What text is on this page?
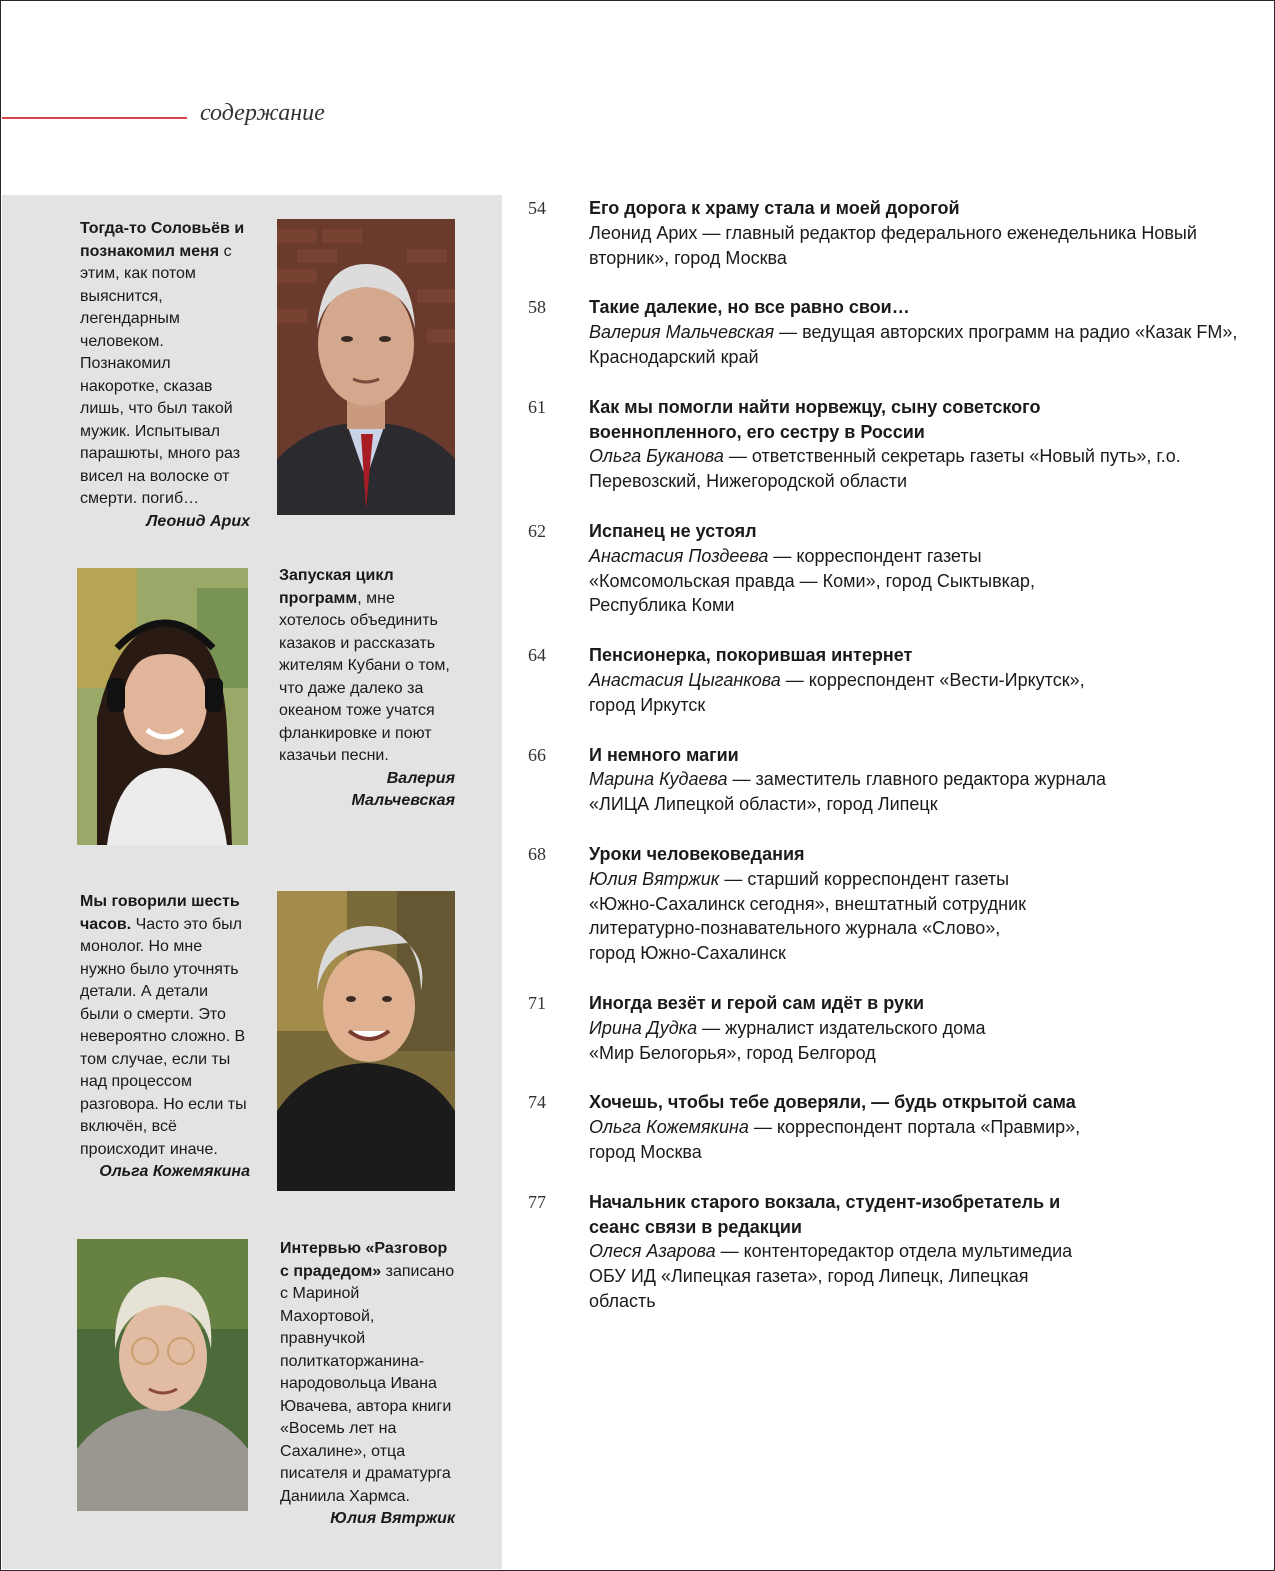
содержание
Тогда-то Соловьёв и познакомил меня с этим, как потом выяснится, легендарным человеком. Познакомил накоротке, сказав лишь, что был такой мужик. Испытывал парашюты, много раз висел на волоске от смерти. погиб…
Леонид Арих
Запуская цикл программ, мне хотелось объединить казаков и рассказать жителям Кубани о том, что даже далеко за океаном тоже учатся фланкировке и поют казачьи песни.
Валерия Мальчевская
Мы говорили шесть часов. Часто это был монолог. Но мне нужно было уточнять детали. А детали были о смерти. Это невероятно сложно. В том случае, если ты над процессом разговора. Но если ты включён, всё происходит иначе.
Ольга Кожемякина
Интервью «Разговор с прадедом» записано с Мариной Махортовой, правнучкой политкаторжанина-народовольца Ивана Ювачева, автора книги «Восемь лет на Сахалине», отца писателя и драматурга Даниила Хармса.
Юлия Вятржик
54 Его дорога к храму стала и моей дорогой
Леонид Арих — главный редактор федерального еженедельника Новый вторник», город Москва
58 Такие далекие, но все равно свои…
Валерия Мальчевская — ведущая авторских программ на радио «Казак FM», Краснодарский край
61 Как мы помогли найти норвежцу, сыну советского военнопленного, его сестру в России
Ольга Буканова — ответственный секретарь газеты «Новый путь», г.о. Перевозский, Нижегородской области
62 Испанец не устоял
Анастасия Поздеева — корреспондент газеты «Комсомольская правда — Коми», город Сыктывкар, Республика Коми
64 Пенсионерка, покорившая интернет
Анастасия Цыганкова — корреспондент «Вести-Иркутск», город Иркутск
66 И немного магии
Марина Кудаева — заместитель главного редактора журнала «ЛИЦА Липецкой области», город Липецк
68 Уроки человековедания
Юлия Вятржик — старший корреспондент газеты «Южно-Сахалинск сегодня», внештатный сотрудник литературно-познавательного журнала «Слово», город Южно-Сахалинск
71 Иногда везёт и герой сам идёт в руки
Ирина Дудка — журналист издательского дома «Мир Белогорья», город Белгород
74 Хочешь, чтобы тебе доверяли, — будь открытой сама
Ольга Кожемякина — корреспондент портала «Правмир», город Москва
77 Начальник старого вокзала, студент-изобретатель и сеанс связи в редакции
Олеся Азарова — контенторедактор отдела мультимедиа ОБУ ИД «Липецкая газета», город Липецк, Липецкая область
